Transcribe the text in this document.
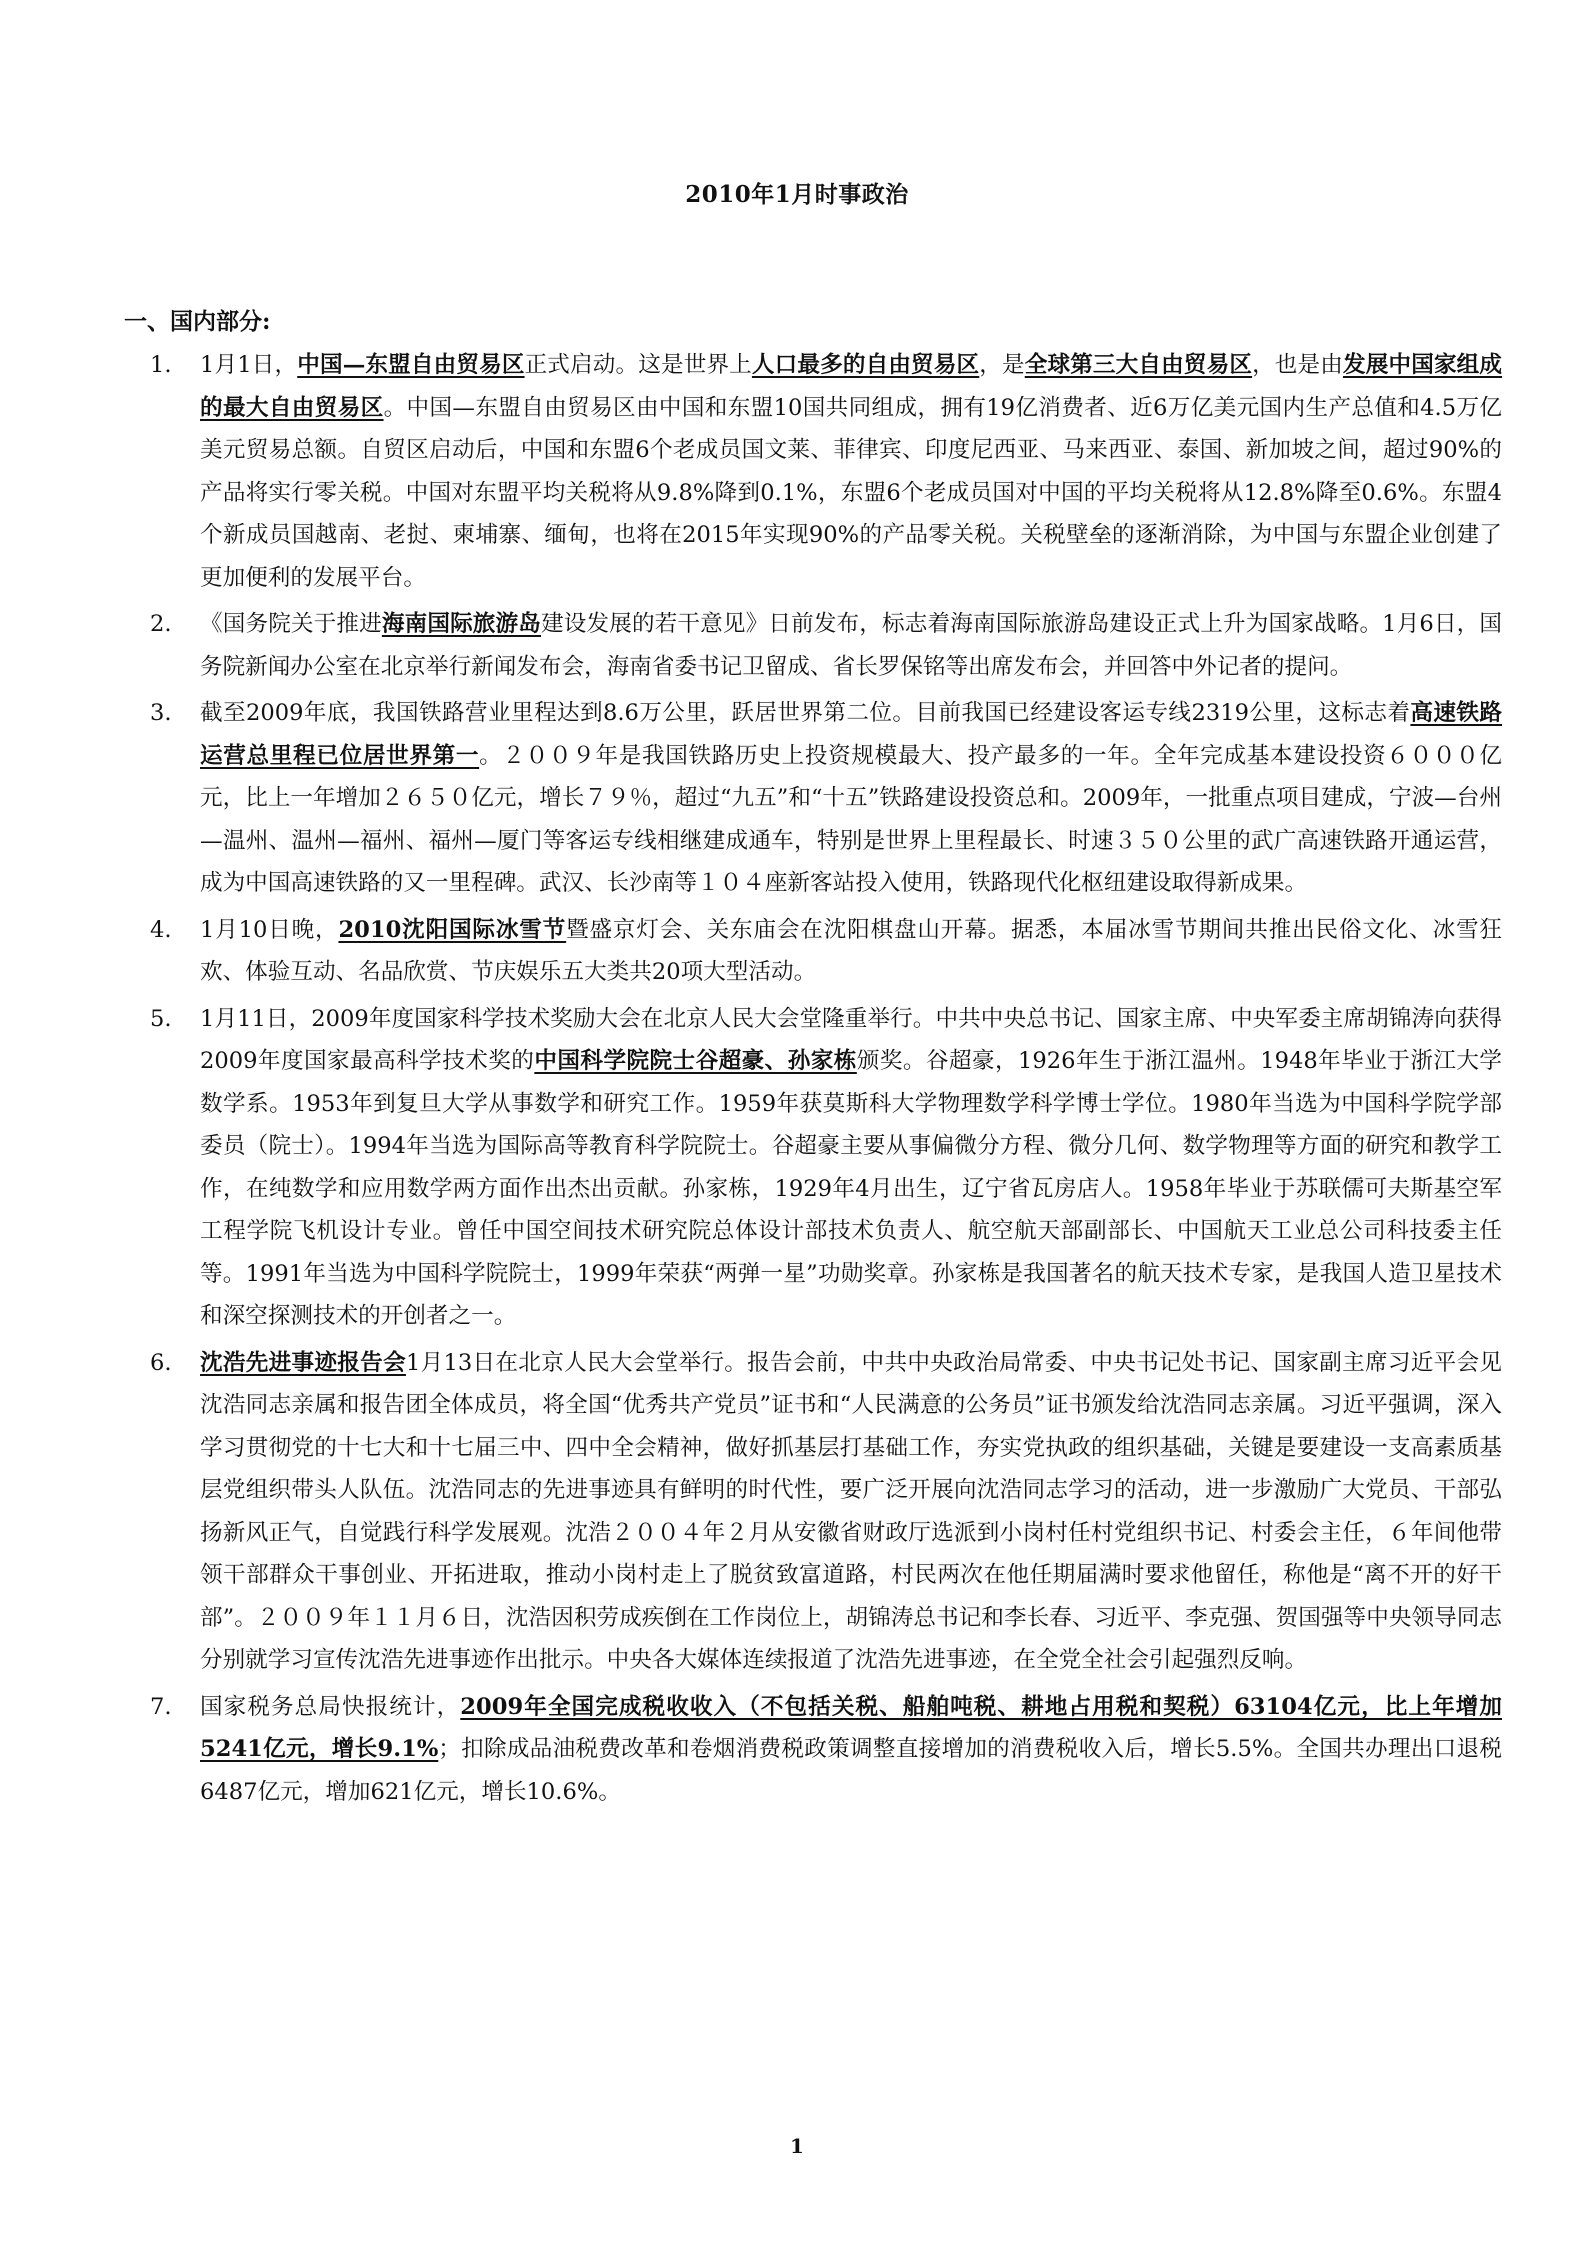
2010年1月时事政治
一、国内部分:
1.	1月1日，中国—东盟自由贸易区正式启动。这是世界上人口最多的自由贸易区，是全球第三大自由贸易区，也是由发展中国家组成的最大自由贸易区。中国—东盟自由贸易区由中国和东盟10国共同组成，拥有19亿消费者、近6万亿美元国内生产总值和4.5万亿美元贸易总额。自贸区启动后，中国和东盟6个老成员国文莱、菲律宾、印度尼西亚、马来西亚、泰国、新加坡之间，超过90%的产品将实行零关税。中国对东盟平均关税将从9.8%降到0.1%，东盟6个老成员国对中国的平均关税将从12.8%降至0.6%。东盟4个新成员国越南、老挝、柬埔寨、缅甸，也将在2015年实现90%的产品零关税。关税壁垒的逐渐消除，为中国与东盟企业创建了更加便利的发展平台。
2.	《国务院关于推进海南国际旅游岛建设发展的若干意见》日前发布，标志着海南国际旅游岛建设正式上升为国家战略。1月6日，国务院新闻办公室在北京举行新闻发布会，海南省委书记卫留成、省长罗保铭等出席发布会，并回答中外记者的提问。
3.	截至2009年底，我国铁路营业里程达到8.6万公里，跃居世界第二位。目前我国已经建设客运专线2319公里，这标志着高速铁路运营总里程已位居世界第一。２００９年是我国铁路历史上投资规模最大、投产最多的一年。全年完成基本建设投资６０００亿元，比上一年增加２６５０亿元，增长７９％，超过“九五”和“十五”铁路建设投资总和。2009年，一批重点项目建成，宁波—台州—温州、温州—福州、福州—厦门等客运专线相继建成通车，特别是世界上里程最长、时速３５０公里的武广高速铁路开通运营，成为中国高速铁路的又一里程碑。武汉、长沙南等１０４座新客站投入使用，铁路现代化枢纽建设取得新成果。
4.	1月10日晚，2010沈阳国际冰雪节暨盛京灯会、关东庙会在沈阳棋盘山开幕。据悉，本届冰雪节期间共推出民俗文化、冰雪狂欢、体验互动、名品欣赏、节庆娱乐五大类共20项大型活动。
5.	1月11日，2009年度国家科学技术奖励大会在北京人民大会堂隆重举行。中共中央总书记、国家主席、中央军委主席胡锦涛向获得2009年度国家最高科学技术奖的中国科学院院士谷超豪、孙家栋颁奖。谷超豪，1926年生于浙江温州。1948年毕业于浙江大学数学系。1953年到复旦大学从事数学和研究工作。1959年获莫斯科大学物理数学科学博士学位。1980年当选为中国科学院学部委员（院士）。1994年当选为国际高等教育科学院院士。谷超豪主要从事偏微分方程、微分几何、数学物理等方面的研究和教学工作，在纯数学和应用数学两方面作出杰出贡献。孙家栋，1929年4月出生，辽宁省瓦房店人。1958年毕业于苏联儒可夫斯基空军工程学院飞机设计专业。曾任中国空间技术研究院总体设计部技术负责人、航空航天部副部长、中国航天工业总公司科技委主任等。1991年当选为中国科学院院士，1999年荣获“两弹一星”功勋奖章。孙家栋是我国著名的航天技术专家，是我国人造卫星技术和深空探测技术的开创者之一。
6.	沈浩先进事迹报告会1月13日在北京人民大会堂举行。报告会前，中共中央政治局常委、中央书记处书记、国家副主席习近平会见沈浩同志亲属和报告团全体成员，将全国“优秀共产党员”证书和“人民满意的公务员”证书颁发给沈浩同志亲属。习近平强调，深入学习贯彻党的十七大和十七届三中、四中全会精神，做好抓基层打基础工作，夯实党执政的组织基础，关键是要建设一支高素质基层党组织带头人队伍。沈浩同志的先进事迹具有鲜明的时代性，要广泛开展向沈浩同志学习的活动，进一步激励广大党员、干部弘扬新风正气，自觉践行科学发展观。沈浩２００４年２月从安徽省财政厅选派到小岗村任村党组织书记、村委会主任，６年间他带领干部群众干事创业、开拓进取，推动小岗村走上了脱贫致富道路，村民两次在他任期届满时要求他留任，称他是“离不开的好干部”。２００９年１１月６日，沈浩因积劳成疾倒在工作岗位上，胡锦涛总书记和李长春、习近平、李克强、贺国强等中央领导同志分别就学习宣传沈浩先进事迹作出批示。中央各大媒体连续报道了沈浩先进事迹，在全党全社会引起强烈反响。
7.	国家税务总局快报统计，2009年全国完成税收收入（不包括关税、船舶吨税、耕地占用税和契税）63104亿元，比上年增加5241亿元，增长9.1%；扣除成品油税费改革和卷烟消费税政策调整直接增加的消费税收入后，增长5.5%。全国共办理出口退税6487亿元，增加621亿元，增长10.6%。
1
